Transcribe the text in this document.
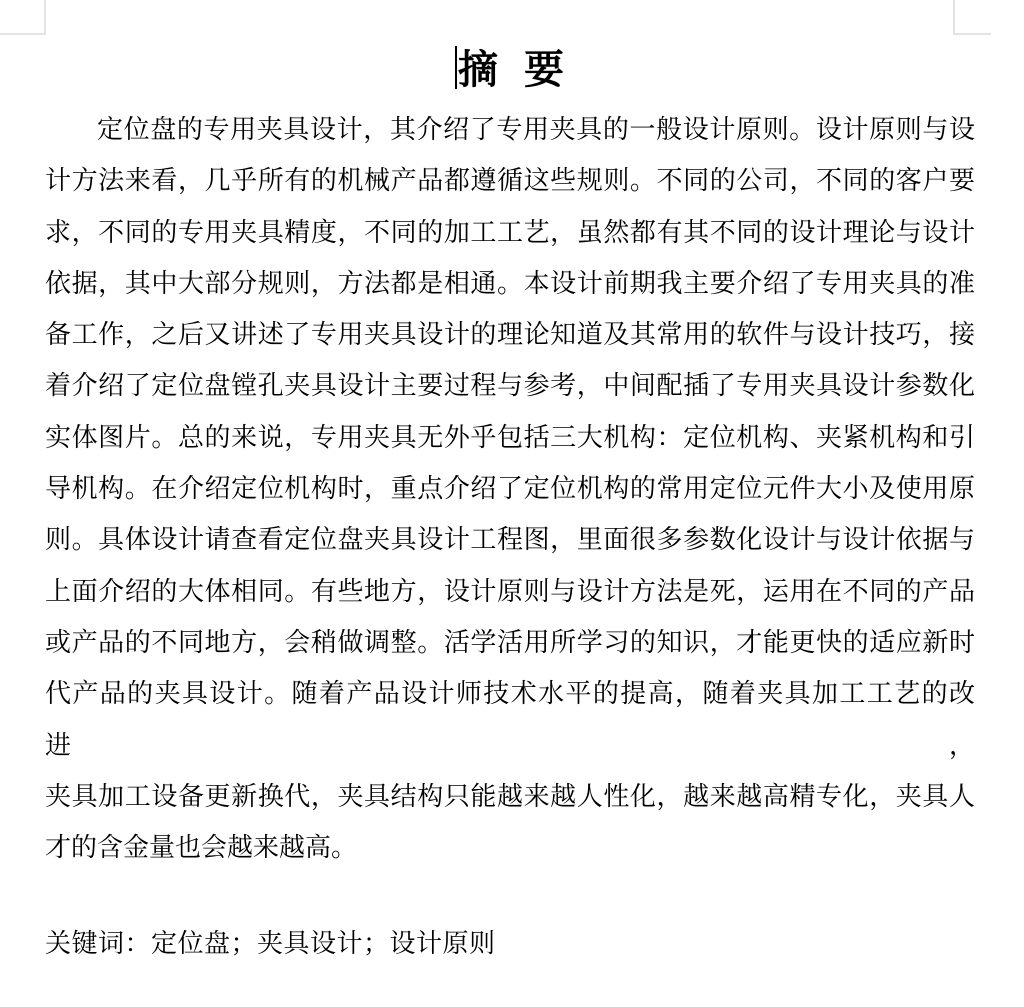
摘 要
定位盘的专用夹具设计，其介绍了专用夹具的一般设计原则。设计原则与设
计方法来看，几乎所有的机械产品都遵循这些规则。不同的公司，不同的客户要
求，不同的专用夹具精度，不同的加工工艺，虽然都有其不同的设计理论与设计
依据，其中大部分规则，方法都是相通。本设计前期我主要介绍了专用夹具的准
备工作，之后又讲述了专用夹具设计的理论知道及其常用的软件与设计技巧，接
着介绍了定位盘镗孔夹具设计主要过程与参考，中间配插了专用夹具设计参数化
实体图片。总的来说，专用夹具无外乎包括三大机构：定位机构、夹紧机构和引
导机构。在介绍定位机构时，重点介绍了定位机构的常用定位元件大小及使用原
则。具体设计请查看定位盘夹具设计工程图，里面很多参数化设计与设计依据与
上面介绍的大体相同。有些地方，设计原则与设计方法是死，运用在不同的产品
或产品的不同地方，会稍做调整。活学活用所学习的知识，才能更快的适应新时
代产品的夹具设计。随着产品设计师技术水平的提高，随着夹具加工工艺的改进，
夹具加工设备更新换代，夹具结构只能越来越人性化，越来越高精专化，夹具人
才的含金量也会越来越高。
关键词：定位盘；夹具设计；设计原则
